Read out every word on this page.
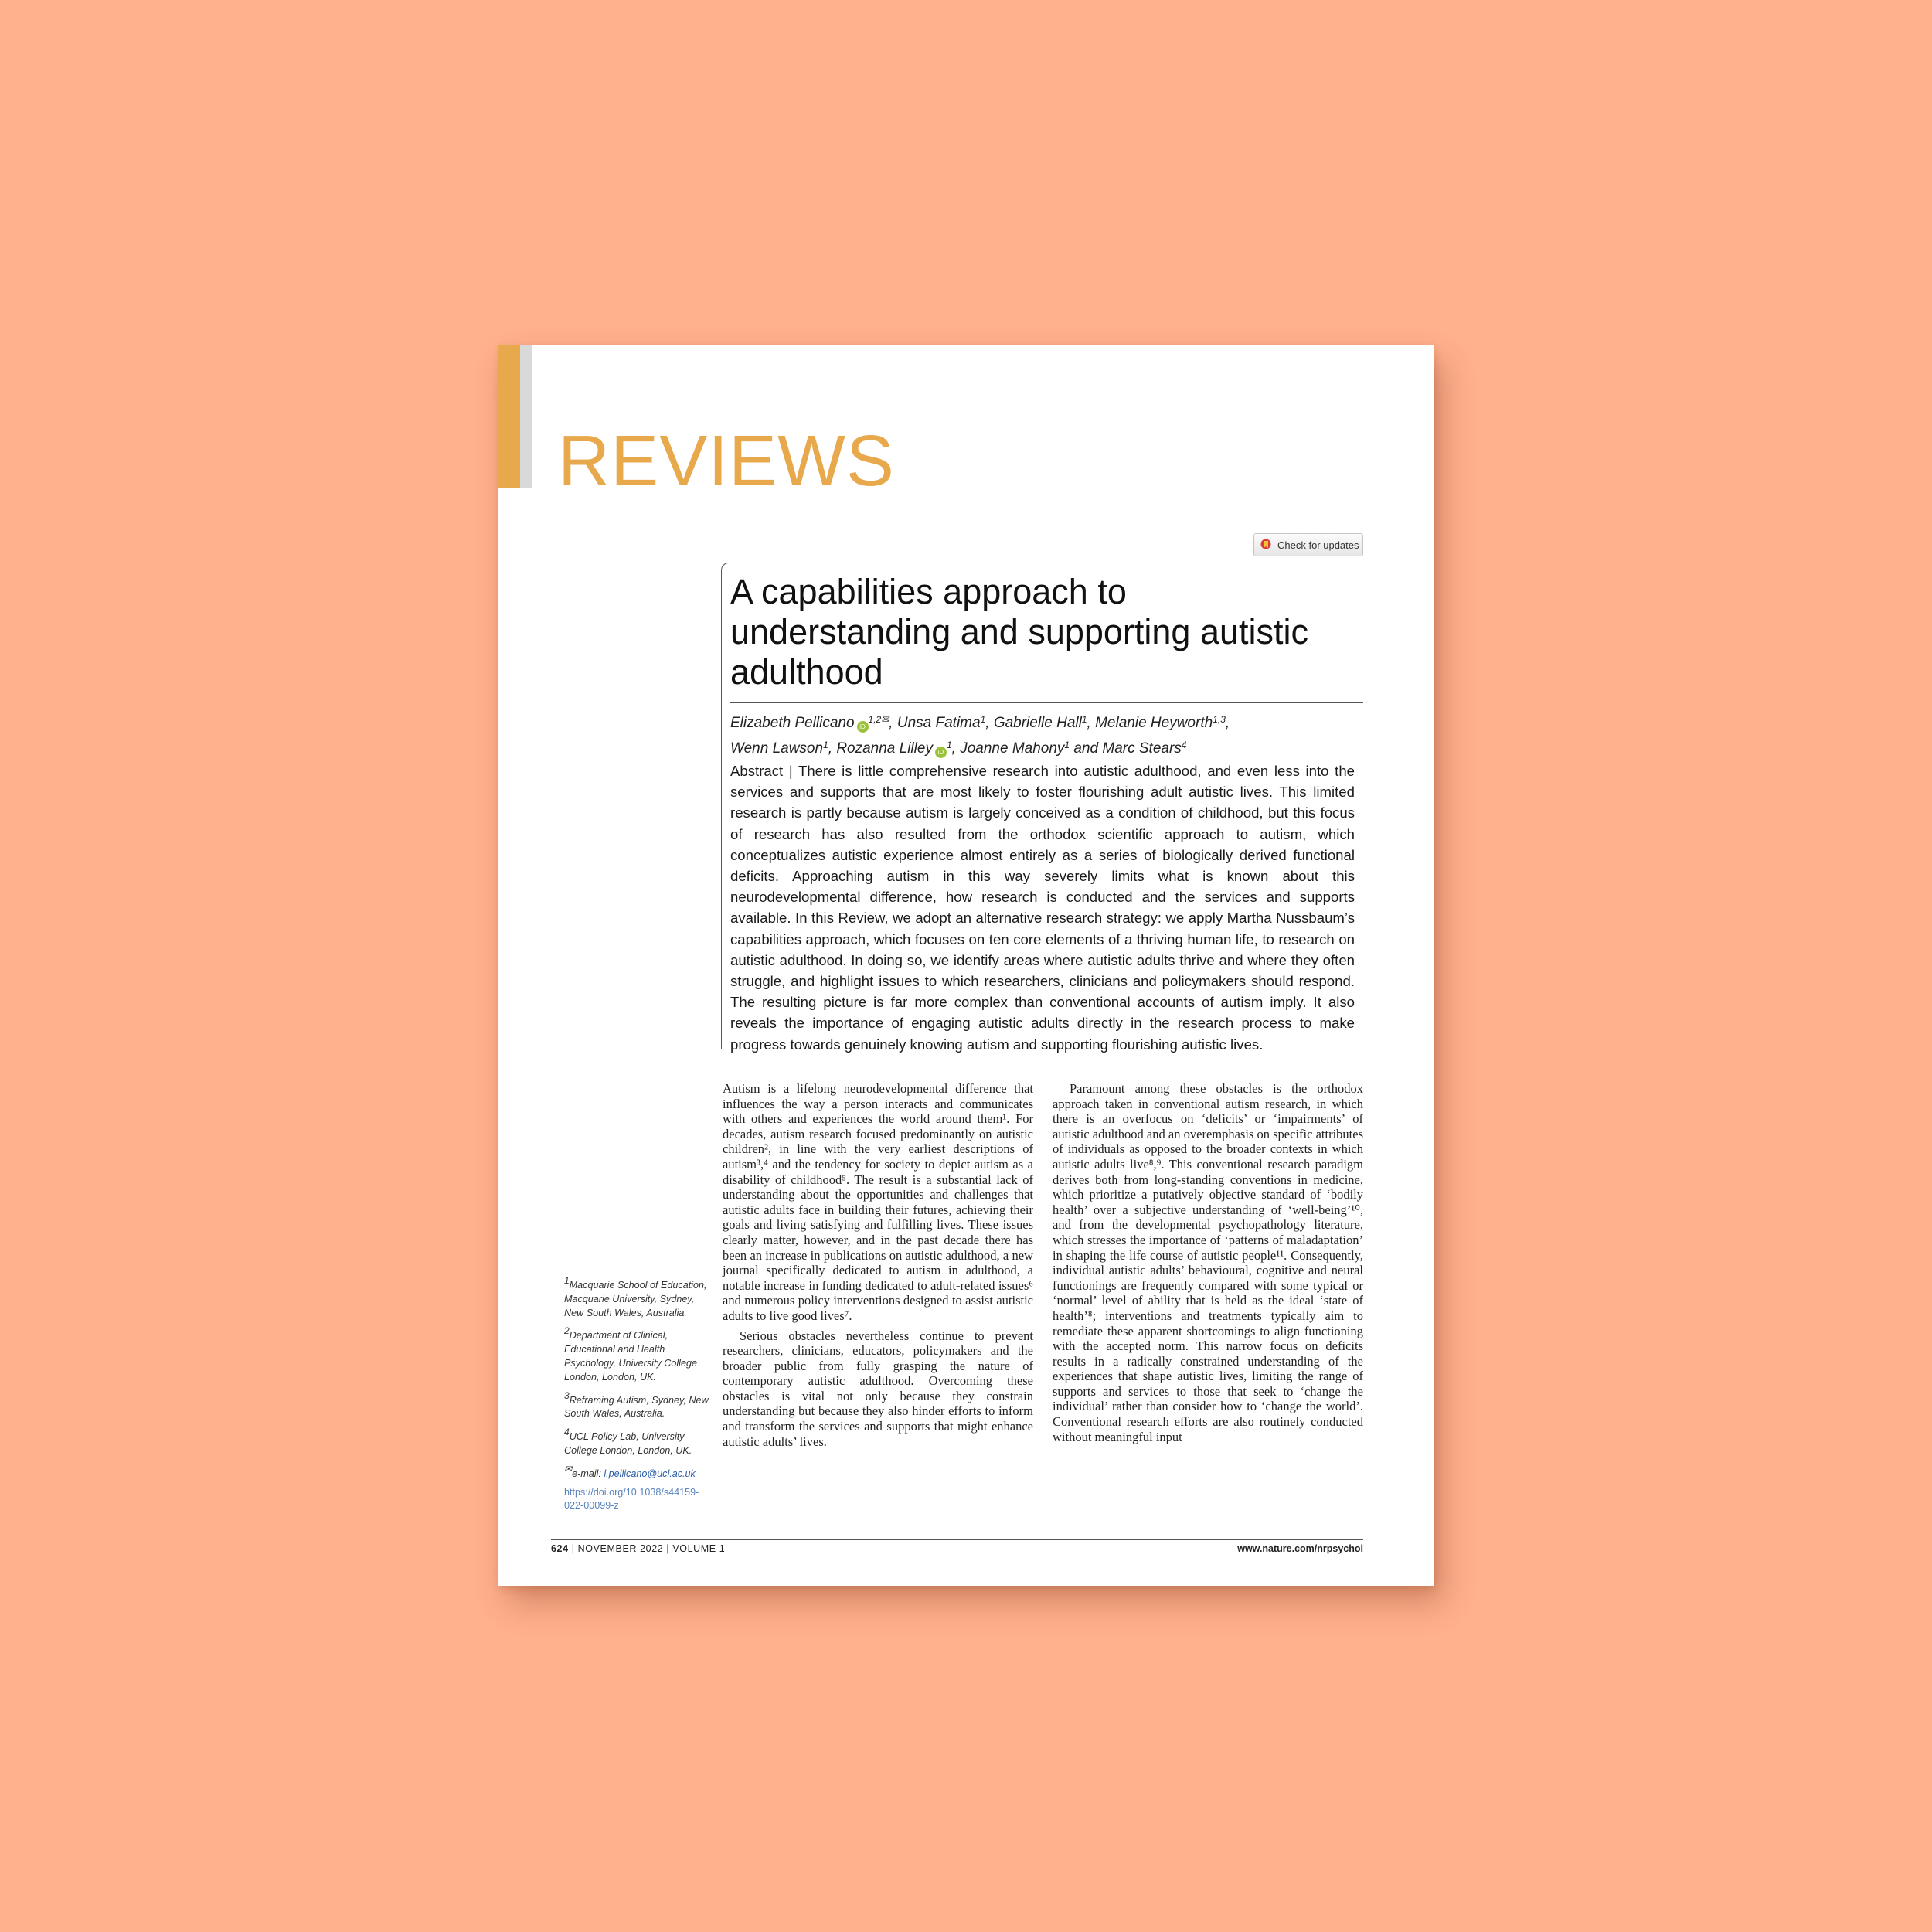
REVIEWS
Check for updates
A capabilities approach to understanding and supporting autistic adulthood
Elizabeth Pellicano $iD^{1,2✉}$, Unsa Fatima$^1$, Gabrielle Hall$^1$, Melanie Heyworth$^{1,3}$,
Wenn Lawson$^1$, Rozanna Lilley $iD^1$, Joanne Mahony$^1$ and Marc Stears$^4$
Abstract | There is little comprehensive research into autistic adulthood, and even less into the services and supports that are most likely to foster flourishing adult autistic lives. This limited research is partly because autism is largely conceived as a condition of childhood, but this focus of research has also resulted from the orthodox scientific approach to autism, which conceptualizes autistic experience almost entirely as a series of biologically derived functional deficits. Approaching autism in this way severely limits what is known about this neurodevelopmental difference, how research is conducted and the services and supports available. In this Review, we adopt an alternative research strategy: we apply Martha Nussbaum’s capabilities approach, which focuses on ten core elements of a thriving human life, to research on autistic adulthood. In doing so, we identify areas where autistic adults thrive and where they often struggle, and highlight issues to which researchers, clinicians and policymakers should respond. The resulting picture is far more complex than conventional accounts of autism imply. It also reveals the importance of engaging autistic adults directly in the research process to make progress towards genuinely knowing autism and supporting flourishing autistic lives.

1Macquarie School of Education, Macquarie University, Sydney, New South Wales, Australia.

2Department of Clinical, Educational and Health Psychology, University College London, London, UK.

3Reframing Autism, Sydney, New South Wales, Australia.

4UCL Policy Lab, University College London, London, UK.

✉e-mail: l.pellicano@ucl.ac.uk

https://doi.org/10.1038/s44159-022-00099-z

Autism is a lifelong neurodevelopmental difference that influences the way a person interacts and communicates with others and experiences the world around them¹. For decades, autism research focused predominantly on autistic children², in line with the very earliest descriptions of autism³,⁴ and the tendency for society to depict autism as a disability of childhood⁵. The result is a substantial lack of understanding about the opportunities and challenges that autistic adults face in building their futures, achieving their goals and living satisfying and fulfilling lives. These issues clearly matter, however, and in the past decade there has been an increase in publications on autistic adulthood, a new journal specifically dedicated to autism in adulthood, a notable increase in funding dedicated to adult-related issues⁶ and numerous policy interventions designed to assist autistic adults to live good lives⁷.

Serious obstacles nevertheless continue to prevent researchers, clinicians, educators, policymakers and the broader public from fully grasping the nature of contemporary autistic adulthood. Overcoming these obstacles is vital not only because they constrain understanding but because they also hinder efforts to inform and transform the services and supports that might enhance autistic adults’ lives.

Paramount among these obstacles is the orthodox approach taken in conventional autism research, in which there is an overfocus on ‘deficits’ or ‘impairments’ of autistic adulthood and an overemphasis on specific attributes of individuals as opposed to the broader contexts in which autistic adults live⁸,⁹. This conventional research paradigm derives both from long-standing conventions in medicine, which prioritize a putatively objective standard of ‘bodily health’ over a subjective understanding of ‘well-being’¹⁰, and from the developmental psychopathology literature, which stresses the importance of ‘patterns of maladaptation’ in shaping the life course of autistic people¹¹. Consequently, individual autistic adults’ behavioural, cognitive and neural functionings are frequently compared with some typical or ‘normal’ level of ability that is held as the ideal ‘state of health’⁸; interventions and treatments typically aim to remediate these apparent shortcomings to align functioning with the accepted norm. This narrow focus on deficits results in a radically constrained understanding of the experiences that shape autistic lives, limiting the range of supports and services to those that seek to ‘change the individual’ rather than consider how to ‘change the world’. Conventional research efforts are also routinely conducted without meaningful input

624 | NOVEMBER 2022 | VOLUME 1	www.nature.com/nrpsychol
